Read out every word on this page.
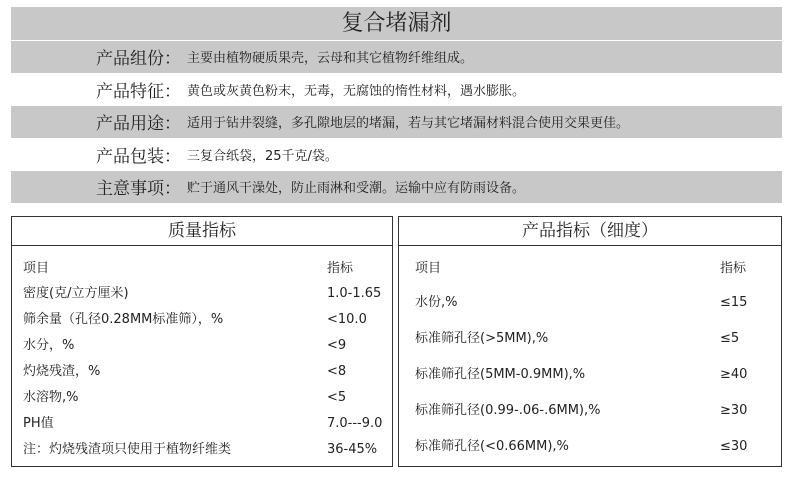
复合堵漏剂
产品组份： 主要由植物硬质果壳，云母和其它植物纤维组成。
产品特征： 黄色或灰黄色粉末，无毒，无腐蚀的惰性材料，遇水膨胀。
产品用途： 适用于钻井裂缝，多孔隙地层的堵漏，若与其它堵漏材料混合使用交果更佳。
产品包装： 三复合纸袋，25千克/袋。
主意事项： 贮于通风干澡处，防止雨淋和受潮。运输中应有防雨设备。
质量指标
项目	指标
密度(克/立方厘米)	1.0-1.65
筛余量（孔径0.28MM标准筛），%	<10.0
水分，%	<9
灼烧残渣，%	<8
水溶物,%	<5
PH值	7.0---9.0
注：灼烧残渣项只使用于植物纤维类	36-45%
产品指标（细度）
项目	指标
水份,%	≤15
标准筛孔径(>5MM),%	≤5
标准筛孔径(5MM-0.9MM),%	≥40
标准筛孔径(0.99-.06-.6MM),%	≥30
标准筛孔径(<0.66MM),%	≤30
